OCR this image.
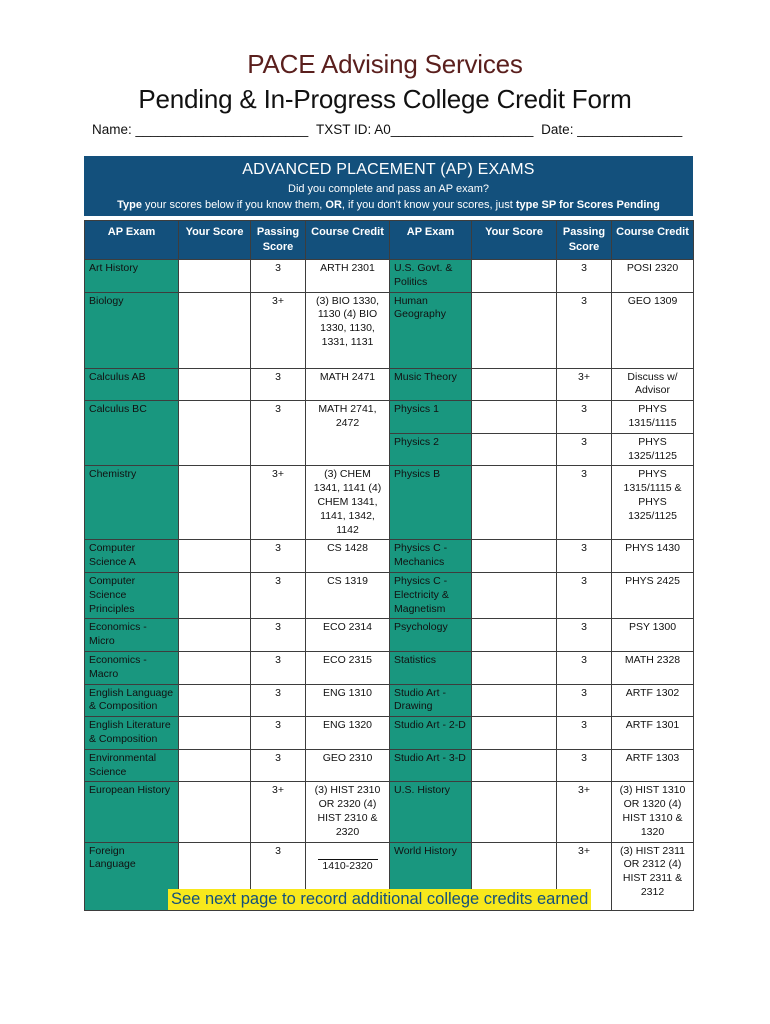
PACE Advising Services
Pending & In-Progress College Credit Form
Name: _______________________ TXST ID: A0___________________ Date: ______________
ADVANCED PLACEMENT (AP) EXAMS
Did you complete and pass an AP exam?
Type your scores below if you know them, OR, if you don't know your scores, just type SP for Scores Pending
AP Exam	Your Score	Passing Score	Course Credit	AP Exam	Your Score	Passing Score	Course Credit
Art History		3	ARTH 2301	U.S. Govt. & Politics		3	POSI 2320
Biology		3+	(3) BIO 1330, 1130 (4) BIO 1330, 1130, 1331, 1131	Human Geography		3	GEO 1309
Calculus AB		3	MATH 2471	Music Theory		3+	Discuss w/ Advisor
Calculus BC		3	MATH 2741, 2472	Physics 1		3	PHYS 1315/1115
				Physics 2		3	PHYS 1325/1125
Chemistry		3+	(3) CHEM 1341, 1141 (4) CHEM 1341, 1141, 1342, 1142	Physics B		3	PHYS 1315/1115 & PHYS 1325/1125
Computer Science A		3	CS 1428	Physics C - Mechanics		3	PHYS 1430
Computer Science Principles		3	CS 1319	Physics C - Electricity & Magnetism		3	PHYS 2425
Economics - Micro		3	ECO 2314	Psychology		3	PSY 1300
Economics - Macro		3	ECO 2315	Statistics		3	MATH 2328
English Language & Composition		3	ENG 1310	Studio Art - Drawing		3	ARTF 1302
English Literature & Composition		3	ENG 1320	Studio Art - 2-D		3	ARTF 1301
Environmental Science		3	GEO 2310	Studio Art - 3-D		3	ARTF 1303
European History		3+	(3) HIST 2310 OR 2320 (4) HIST 2310 & 2320	U.S. History		3+	(3) HIST 1310 OR 1320 (4) HIST 1310 & 1320
Foreign Language		3	1410-2320	World History		3+	(3) HIST 2311 OR 2312 (4) HIST 2311 & 2312
See next page to record additional college credits earned
